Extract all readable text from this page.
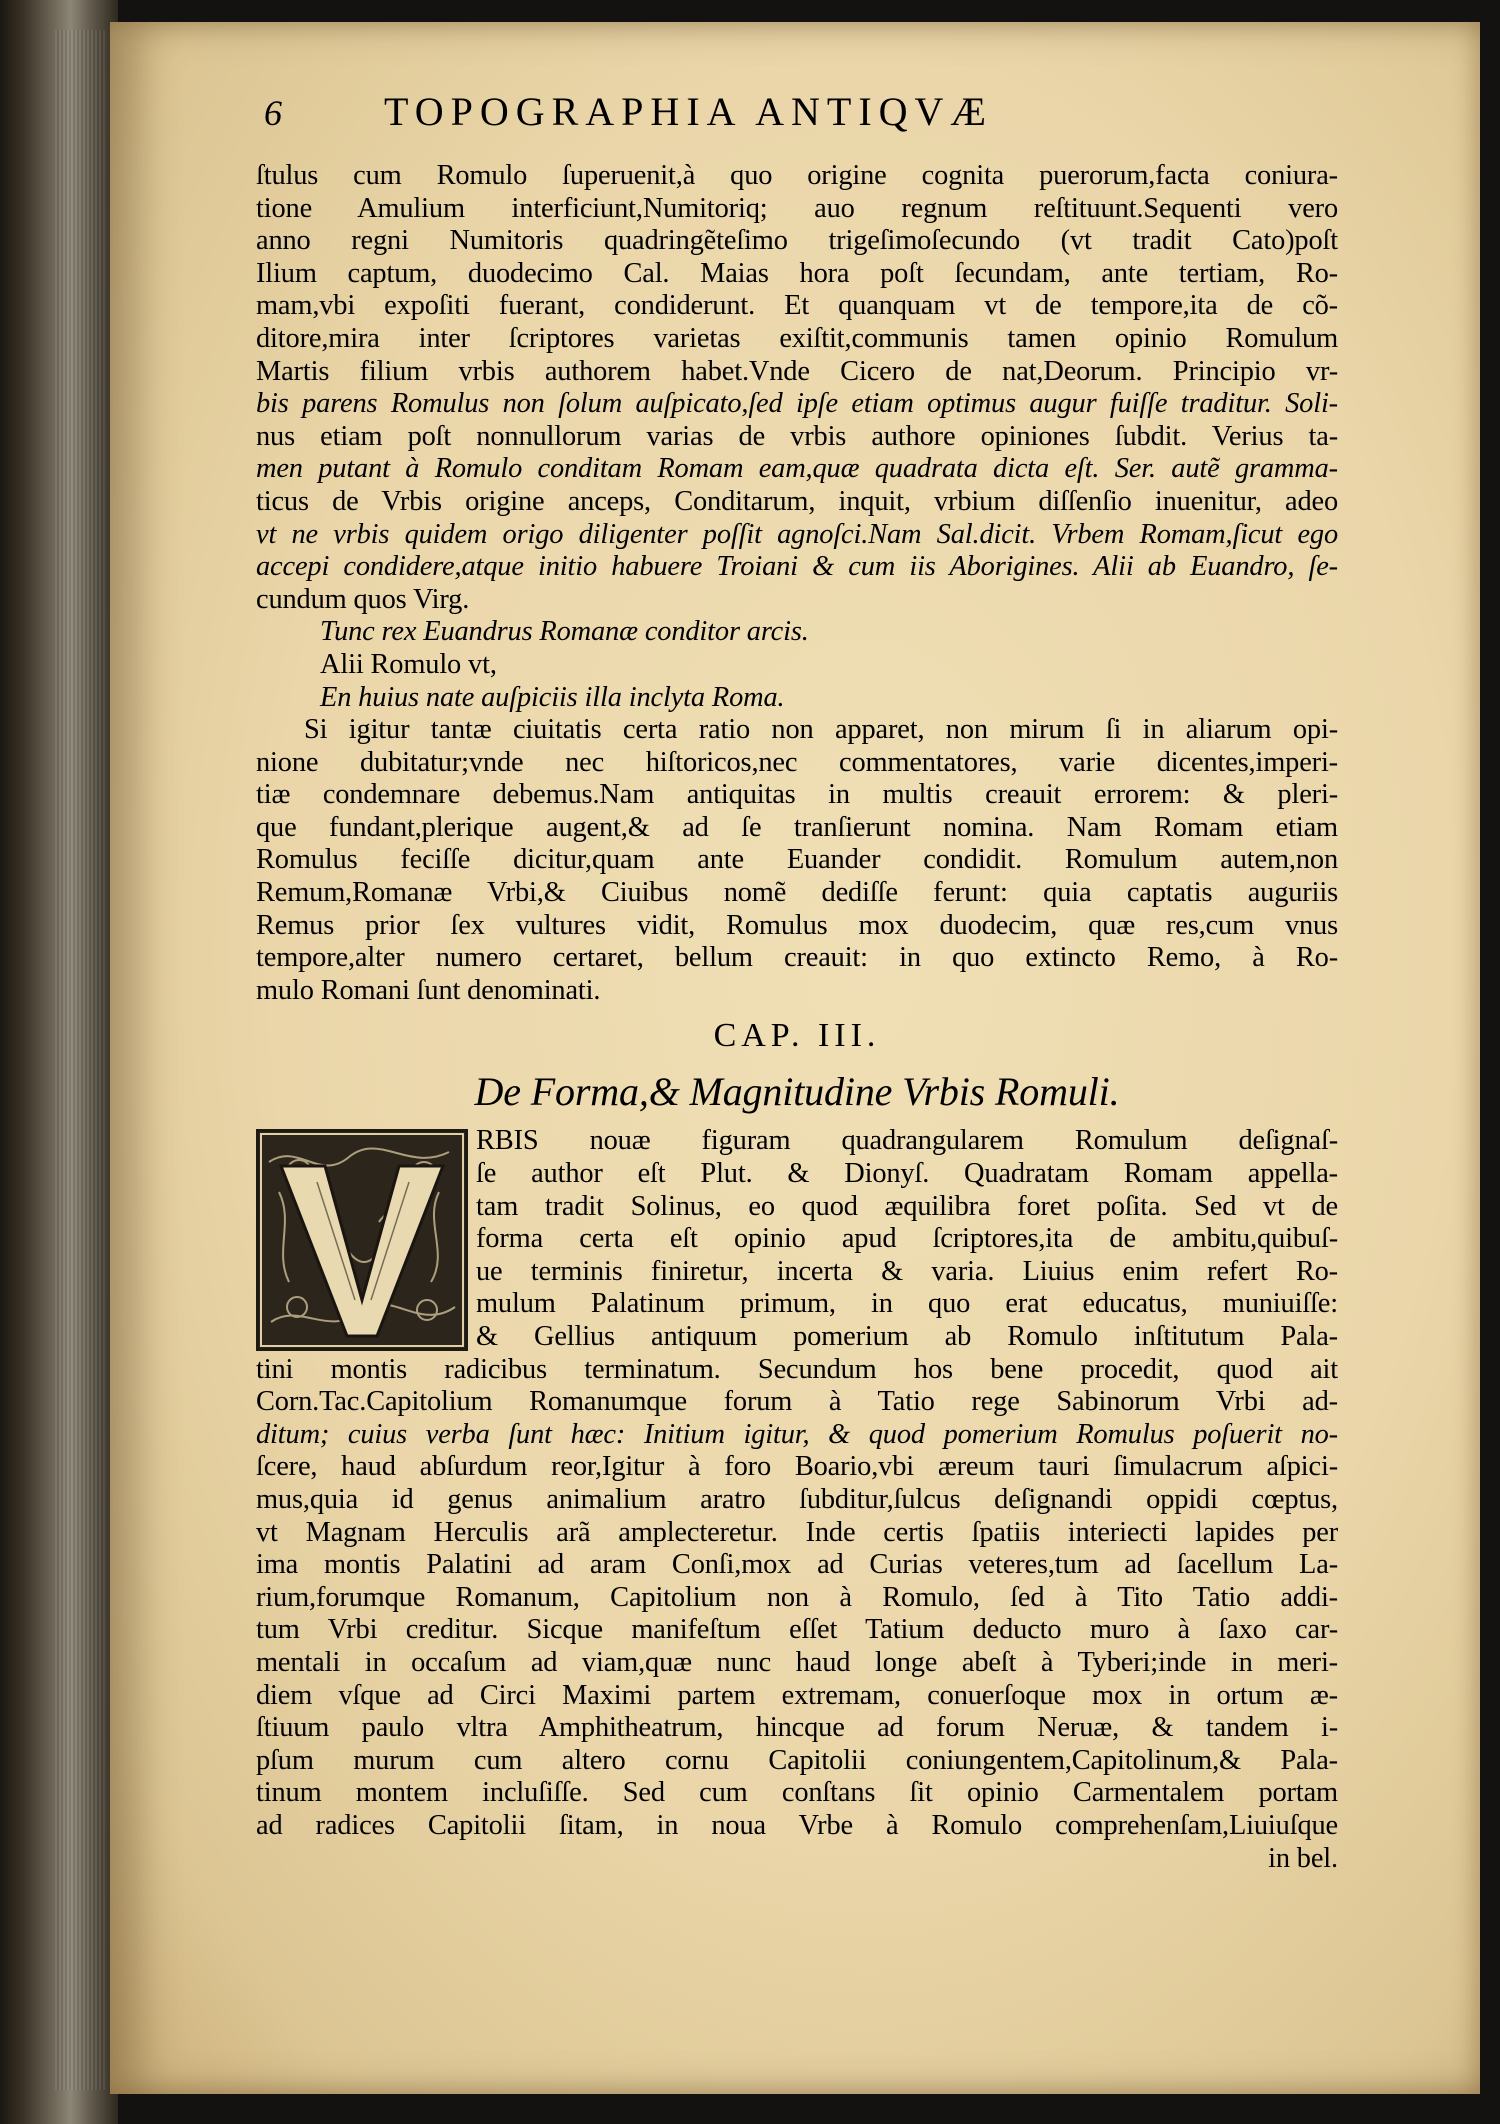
6	TOPOGRAPHIA ANTIQVÆ
ſtulus cum Romulo ſuperuenit,à quo origine cognita puerorum,facta coniura-
tione Amulium interficiunt,Numitoriq; auo regnum reſtituunt.Sequenti vero
anno regni Numitoris quadringẽteſimo trigeſimoſecundo (vt tradit Cato)poſt
Ilium captum, duodecimo Cal. Maias hora poſt ſecundam, ante tertiam, Ro-
mam,vbi expoſiti fuerant, condiderunt. Et quanquam vt de tempore,ita de cõ-
ditore,mira inter ſcriptores varietas exiſtit,communis tamen opinio Romulum
Martis filium vrbis authorem habet.Vnde Cicero de nat,Deorum. Principio vr-
bis parens Romulus non ſolum auſpicato,ſed ipſe etiam optimus augur fuiſſe traditur. Soli-
nus etiam poſt nonnullorum varias de vrbis authore opiniones ſubdit. Verius ta-
men putant à Romulo conditam Romam eam,quæ quadrata dicta eſt. Ser. autẽ gramma-
ticus de Vrbis origine anceps, Conditarum, inquit, vrbium diſſenſio inuenitur, adeo
vt ne vrbis quidem origo diligenter poſſit agnoſci.Nam Sal.dicit. Vrbem Romam,ſicut ego
accepi condidere,atque initio habuere Troiani & cum iis Aborigines. Alii ab Euandro, ſe-
cundum quos Virg.
Tunc rex Euandrus Romanæ conditor arcis.
Alii Romulo vt,
En huius nate auſpiciis illa inclyta Roma.
Si igitur tantæ ciuitatis certa ratio non apparet, non mirum ſi in aliarum opi-
nione dubitatur;vnde nec hiſtoricos,nec commentatores, varie dicentes,imperi-
tiæ condemnare debemus.Nam antiquitas in multis creauit errorem: & pleri-
que fundant,plerique augent,& ad ſe tranſierunt nomina. Nam Romam etiam
Romulus feciſſe dicitur,quam ante Euander condidit. Romulum autem,non
Remum,Romanæ Vrbi,& Ciuibus nomẽ dediſſe ferunt: quia captatis auguriis
Remus prior ſex vultures vidit, Romulus mox duodecim, quæ res,cum vnus
tempore,alter numero certaret, bellum creauit: in quo extincto Remo, à Ro-
mulo Romani ſunt denominati.
CAP. III.
De Forma,& Magnitudine Vrbis Romuli.
RBIS nouæ figuram quadrangularem Romulum deſignaſ-
ſe author eſt Plut. & Dionyſ. Quadratam Romam appella-
tam tradit Solinus, eo quod æquilibra foret poſita. Sed vt de
forma certa eſt opinio apud ſcriptores,ita de ambitu,quibuſ-
ue terminis finiretur, incerta & varia. Liuius enim refert Ro-
mulum Palatinum primum, in quo erat educatus, muniuiſſe:
& Gellius antiquum pomerium ab Romulo inſtitutum Pala-
tini montis radicibus terminatum. Secundum hos bene procedit, quod ait
Corn.Tac.Capitolium Romanumque forum à Tatio rege Sabinorum Vrbi ad-
ditum; cuius verba ſunt hæc: Initium igitur, & quod pomerium Romulus poſuerit no-
ſcere, haud abſurdum reor,Igitur à foro Boario,vbi æreum tauri ſimulacrum aſpici-
mus,quia id genus animalium aratro ſubditur,ſulcus deſignandi oppidi cœptus,
vt Magnam Herculis arã amplecteretur. Inde certis ſpatiis interiecti lapides per
ima montis Palatini ad aram Conſi,mox ad Curias veteres,tum ad ſacellum La-
rium,forumque Romanum, Capitolium non à Romulo, ſed à Tito Tatio addi-
tum Vrbi creditur. Sicque manifeſtum eſſet Tatium deducto muro à ſaxo car-
mentali in occaſum ad viam,quæ nunc haud longe abeſt à Tyberi;inde in meri-
diem vſque ad Circi Maximi partem extremam, conuerſoque mox in ortum æ-
ſtiuum paulo vltra Amphitheatrum, hincque ad forum Neruæ, & tandem i-
pſum murum cum altero cornu Capitolii coniungentem,Capitolinum,& Pala-
tinum montem incluſiſſe. Sed cum conſtans ſit opinio Carmentalem portam
ad radices Capitolii ſitam, in noua Vrbe à Romulo comprehenſam,Liuiuſque
in bel.
